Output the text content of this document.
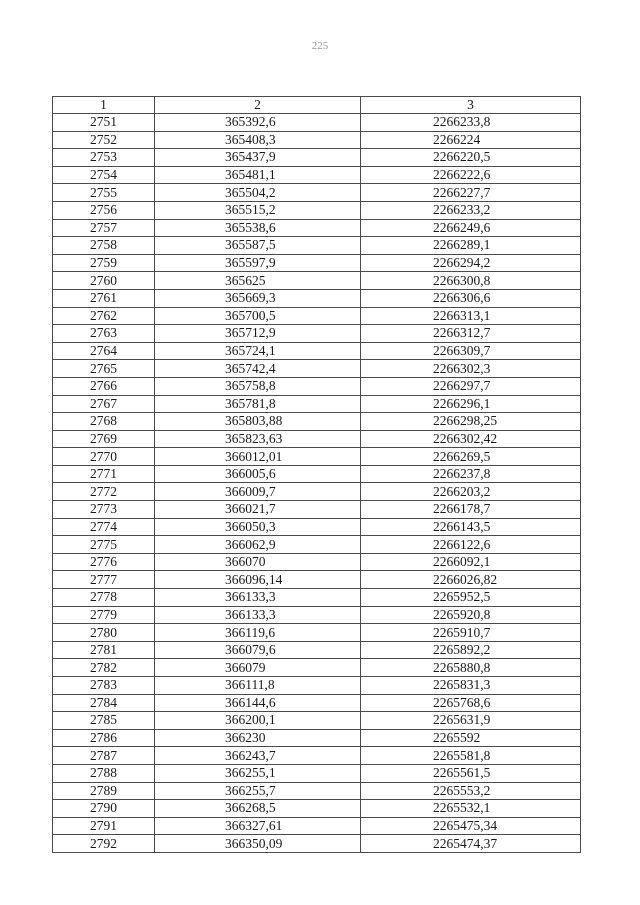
225
1	2	3
2751	365392,6	2266233,8
2752	365408,3	2266224
2753	365437,9	2266220,5
2754	365481,1	2266222,6
2755	365504,2	2266227,7
2756	365515,2	2266233,2
2757	365538,6	2266249,6
2758	365587,5	2266289,1
2759	365597,9	2266294,2
2760	365625	2266300,8
2761	365669,3	2266306,6
2762	365700,5	2266313,1
2763	365712,9	2266312,7
2764	365724,1	2266309,7
2765	365742,4	2266302,3
2766	365758,8	2266297,7
2767	365781,8	2266296,1
2768	365803,88	2266298,25
2769	365823,63	2266302,42
2770	366012,01	2266269,5
2771	366005,6	2266237,8
2772	366009,7	2266203,2
2773	366021,7	2266178,7
2774	366050,3	2266143,5
2775	366062,9	2266122,6
2776	366070	2266092,1
2777	366096,14	2266026,82
2778	366133,3	2265952,5
2779	366133,3	2265920,8
2780	366119,6	2265910,7
2781	366079,6	2265892,2
2782	366079	2265880,8
2783	366111,8	2265831,3
2784	366144,6	2265768,6
2785	366200,1	2265631,9
2786	366230	2265592
2787	366243,7	2265581,8
2788	366255,1	2265561,5
2789	366255,7	2265553,2
2790	366268,5	2265532,1
2791	366327,61	2265475,34
2792	366350,09	2265474,37
